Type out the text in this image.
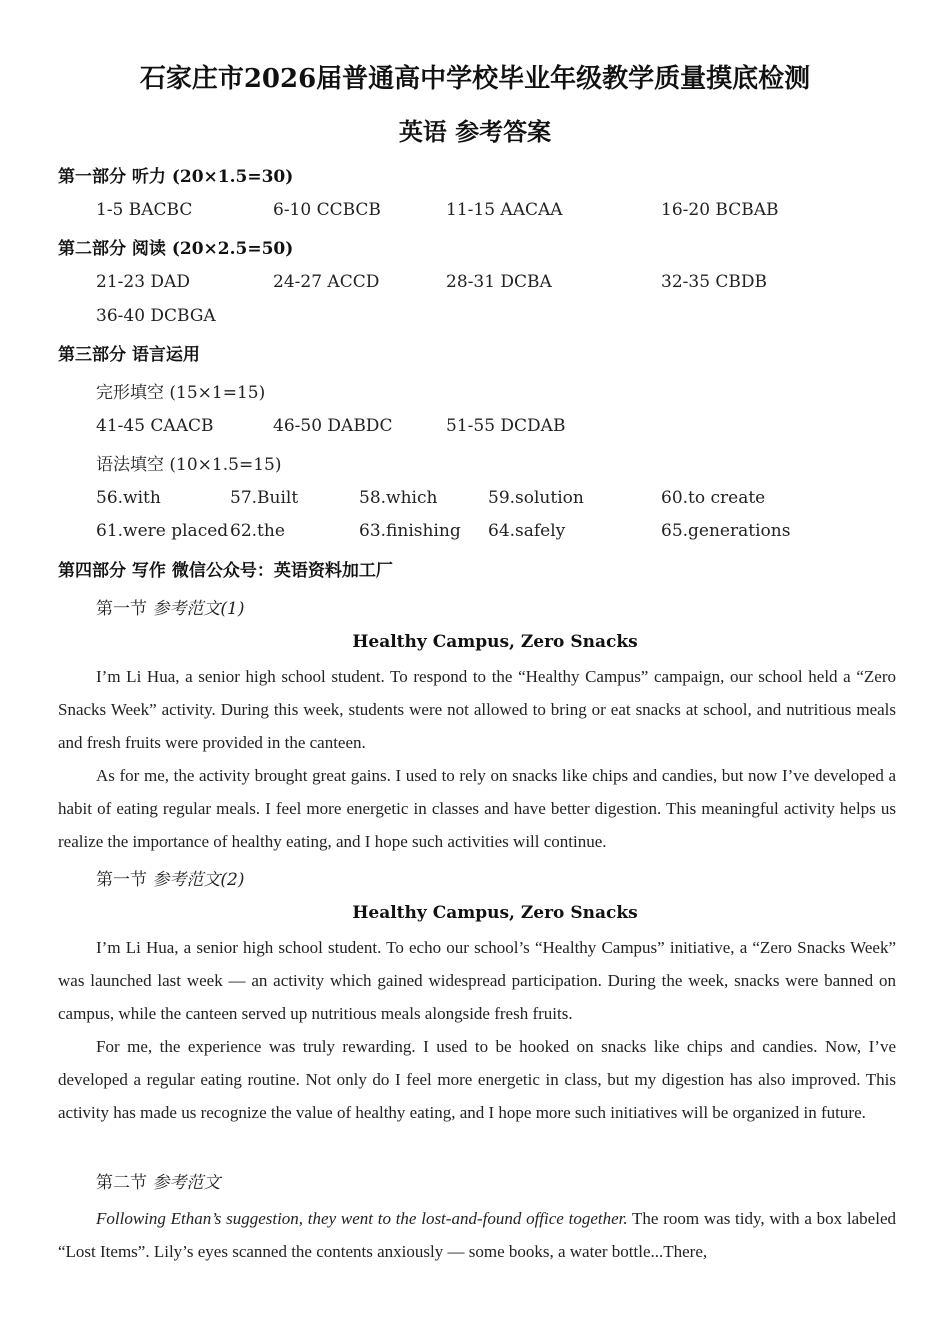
石家庄市2026届普通高中学校毕业年级教学质量摸底检测
英语 参考答案
第一部分 听力 (20×1.5=30)
1-5 BACBC	6-10 CCBCB	11-15 AACAA	16-20 BCBAB
第二部分 阅读 (20×2.5=50)
21-23 DAD	24-27 ACCD	28-31 DCBA	32-35 CBDB
36-40 DCBGA
第三部分 语言运用
完形填空 (15×1=15)
41-45 CAACB	46-50 DABDC	51-55 DCDAB
语法填空 (10×1.5=15)
56.with	57.Built	58.which	59.solution	60.to create
61.were placed 62.the	63.finishing 64.safely	65.generations
第四部分 写作 微信公众号：英语资料加工厂
第一节 参考范文(1)
Healthy Campus, Zero Snacks
I’m Li Hua, a senior high school student. To respond to the “Healthy Campus” campaign, our school held a “Zero Snacks Week” activity. During this week, students were not allowed to bring or eat snacks at school, and nutritious meals and fresh fruits were provided in the canteen.
As for me, the activity brought great gains. I used to rely on snacks like chips and candies, but now I’ve developed a habit of eating regular meals. I feel more energetic in classes and have better digestion. This meaningful activity helps us realize the importance of healthy eating, and I hope such activities will continue.
第一节 参考范文(2)
Healthy Campus, Zero Snacks
I’m Li Hua, a senior high school student. To echo our school’s “Healthy Campus” initiative, a “Zero Snacks Week” was launched last week — an activity which gained widespread participation. During the week, snacks were banned on campus, while the canteen served up nutritious meals alongside fresh fruits.
For me, the experience was truly rewarding. I used to be hooked on snacks like chips and candies. Now, I’ve developed a regular eating routine. Not only do I feel more energetic in class, but my digestion has also improved. This activity has made us recognize the value of healthy eating, and I hope more such initiatives will be organized in future.
第二节 参考范文
Following Ethan’s suggestion, they went to the lost-and-found office together. The room was tidy, with a box labeled “Lost Items”. Lily’s eyes scanned the contents anxiously — some books, a water bottle...There,
